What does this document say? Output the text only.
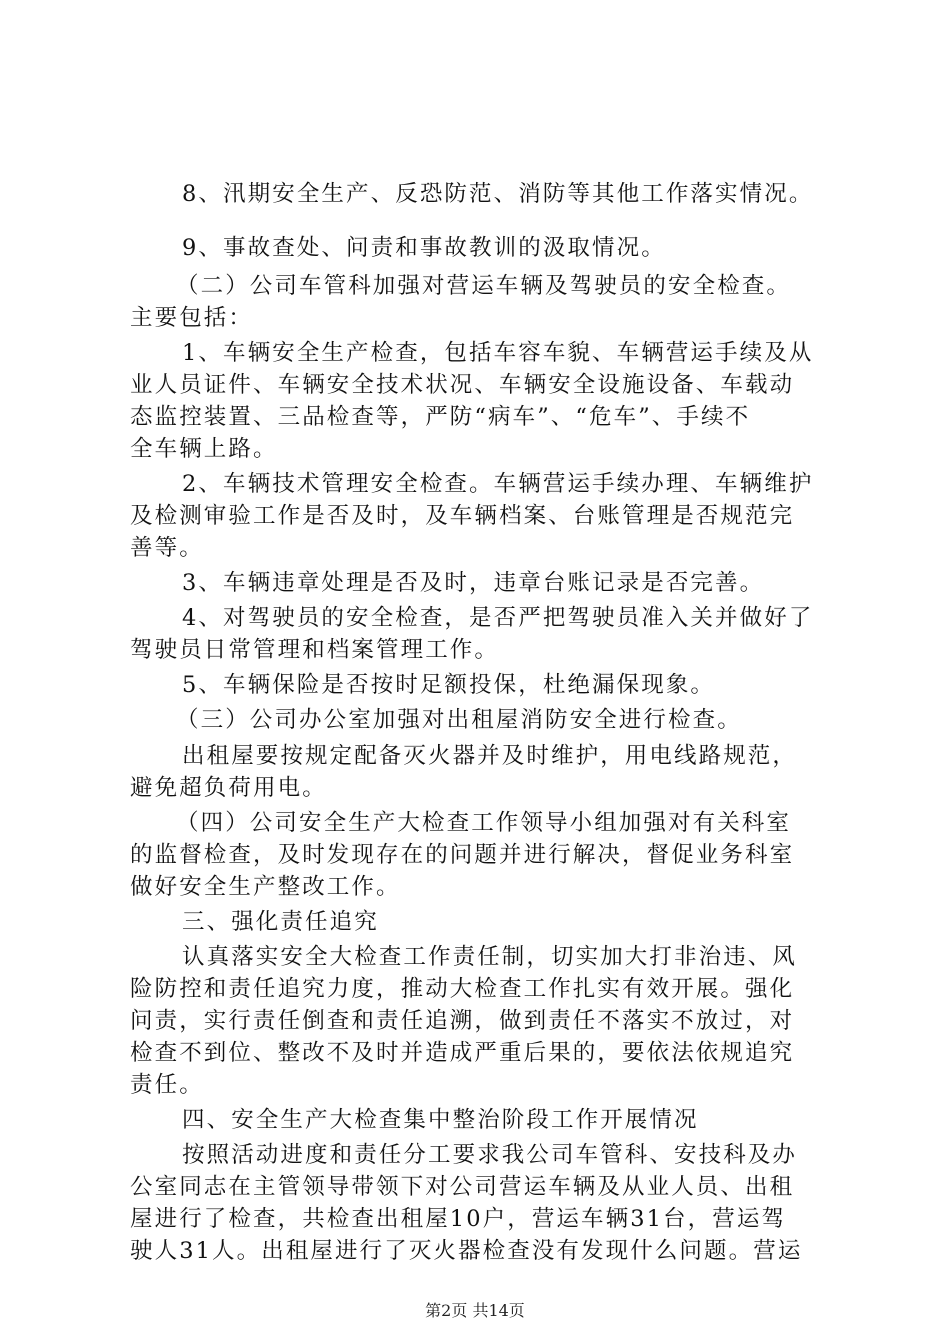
8、汛期安全生产、反恐防范、消防等其他工作落实情况。
9、事故查处、问责和事故教训的汲取情况。
（二）公司车管科加强对营运车辆及驾驶员的安全检查。
主要包括：
1、车辆安全生产检查，包括车容车貌、车辆营运手续及从
业人员证件、车辆安全技术状况、车辆安全设施设备、车载动
态监控装置、三品检查等，严防“病车”、“危车”、手续不
全车辆上路。
2、车辆技术管理安全检查。车辆营运手续办理、车辆维护
及检测审验工作是否及时，及车辆档案、台账管理是否规范完
善等。
3、车辆违章处理是否及时，违章台账记录是否完善。
4、对驾驶员的安全检查，是否严把驾驶员准入关并做好了
驾驶员日常管理和档案管理工作。
5、车辆保险是否按时足额投保，杜绝漏保现象。
（三）公司办公室加强对出租屋消防安全进行检查。
出租屋要按规定配备灭火器并及时维护，用电线路规范，
避免超负荷用电。
（四）公司安全生产大检查工作领导小组加强对有关科室
的监督检查，及时发现存在的问题并进行解决，督促业务科室
做好安全生产整改工作。
三、强化责任追究
认真落实安全大检查工作责任制，切实加大打非治违、风
险防控和责任追究力度，推动大检查工作扎实有效开展。强化
问责，实行责任倒查和责任追溯，做到责任不落实不放过，对
检查不到位、整改不及时并造成严重后果的，要依法依规追究
责任。
四、安全生产大检查集中整治阶段工作开展情况
按照活动进度和责任分工要求我公司车管科、安技科及办
公室同志在主管领导带领下对公司营运车辆及从业人员、出租
屋进行了检查，共检查出租屋10户，营运车辆31台，营运驾
驶人31人。出租屋进行了灭火器检查没有发现什么问题。营运
第2页 共14页
